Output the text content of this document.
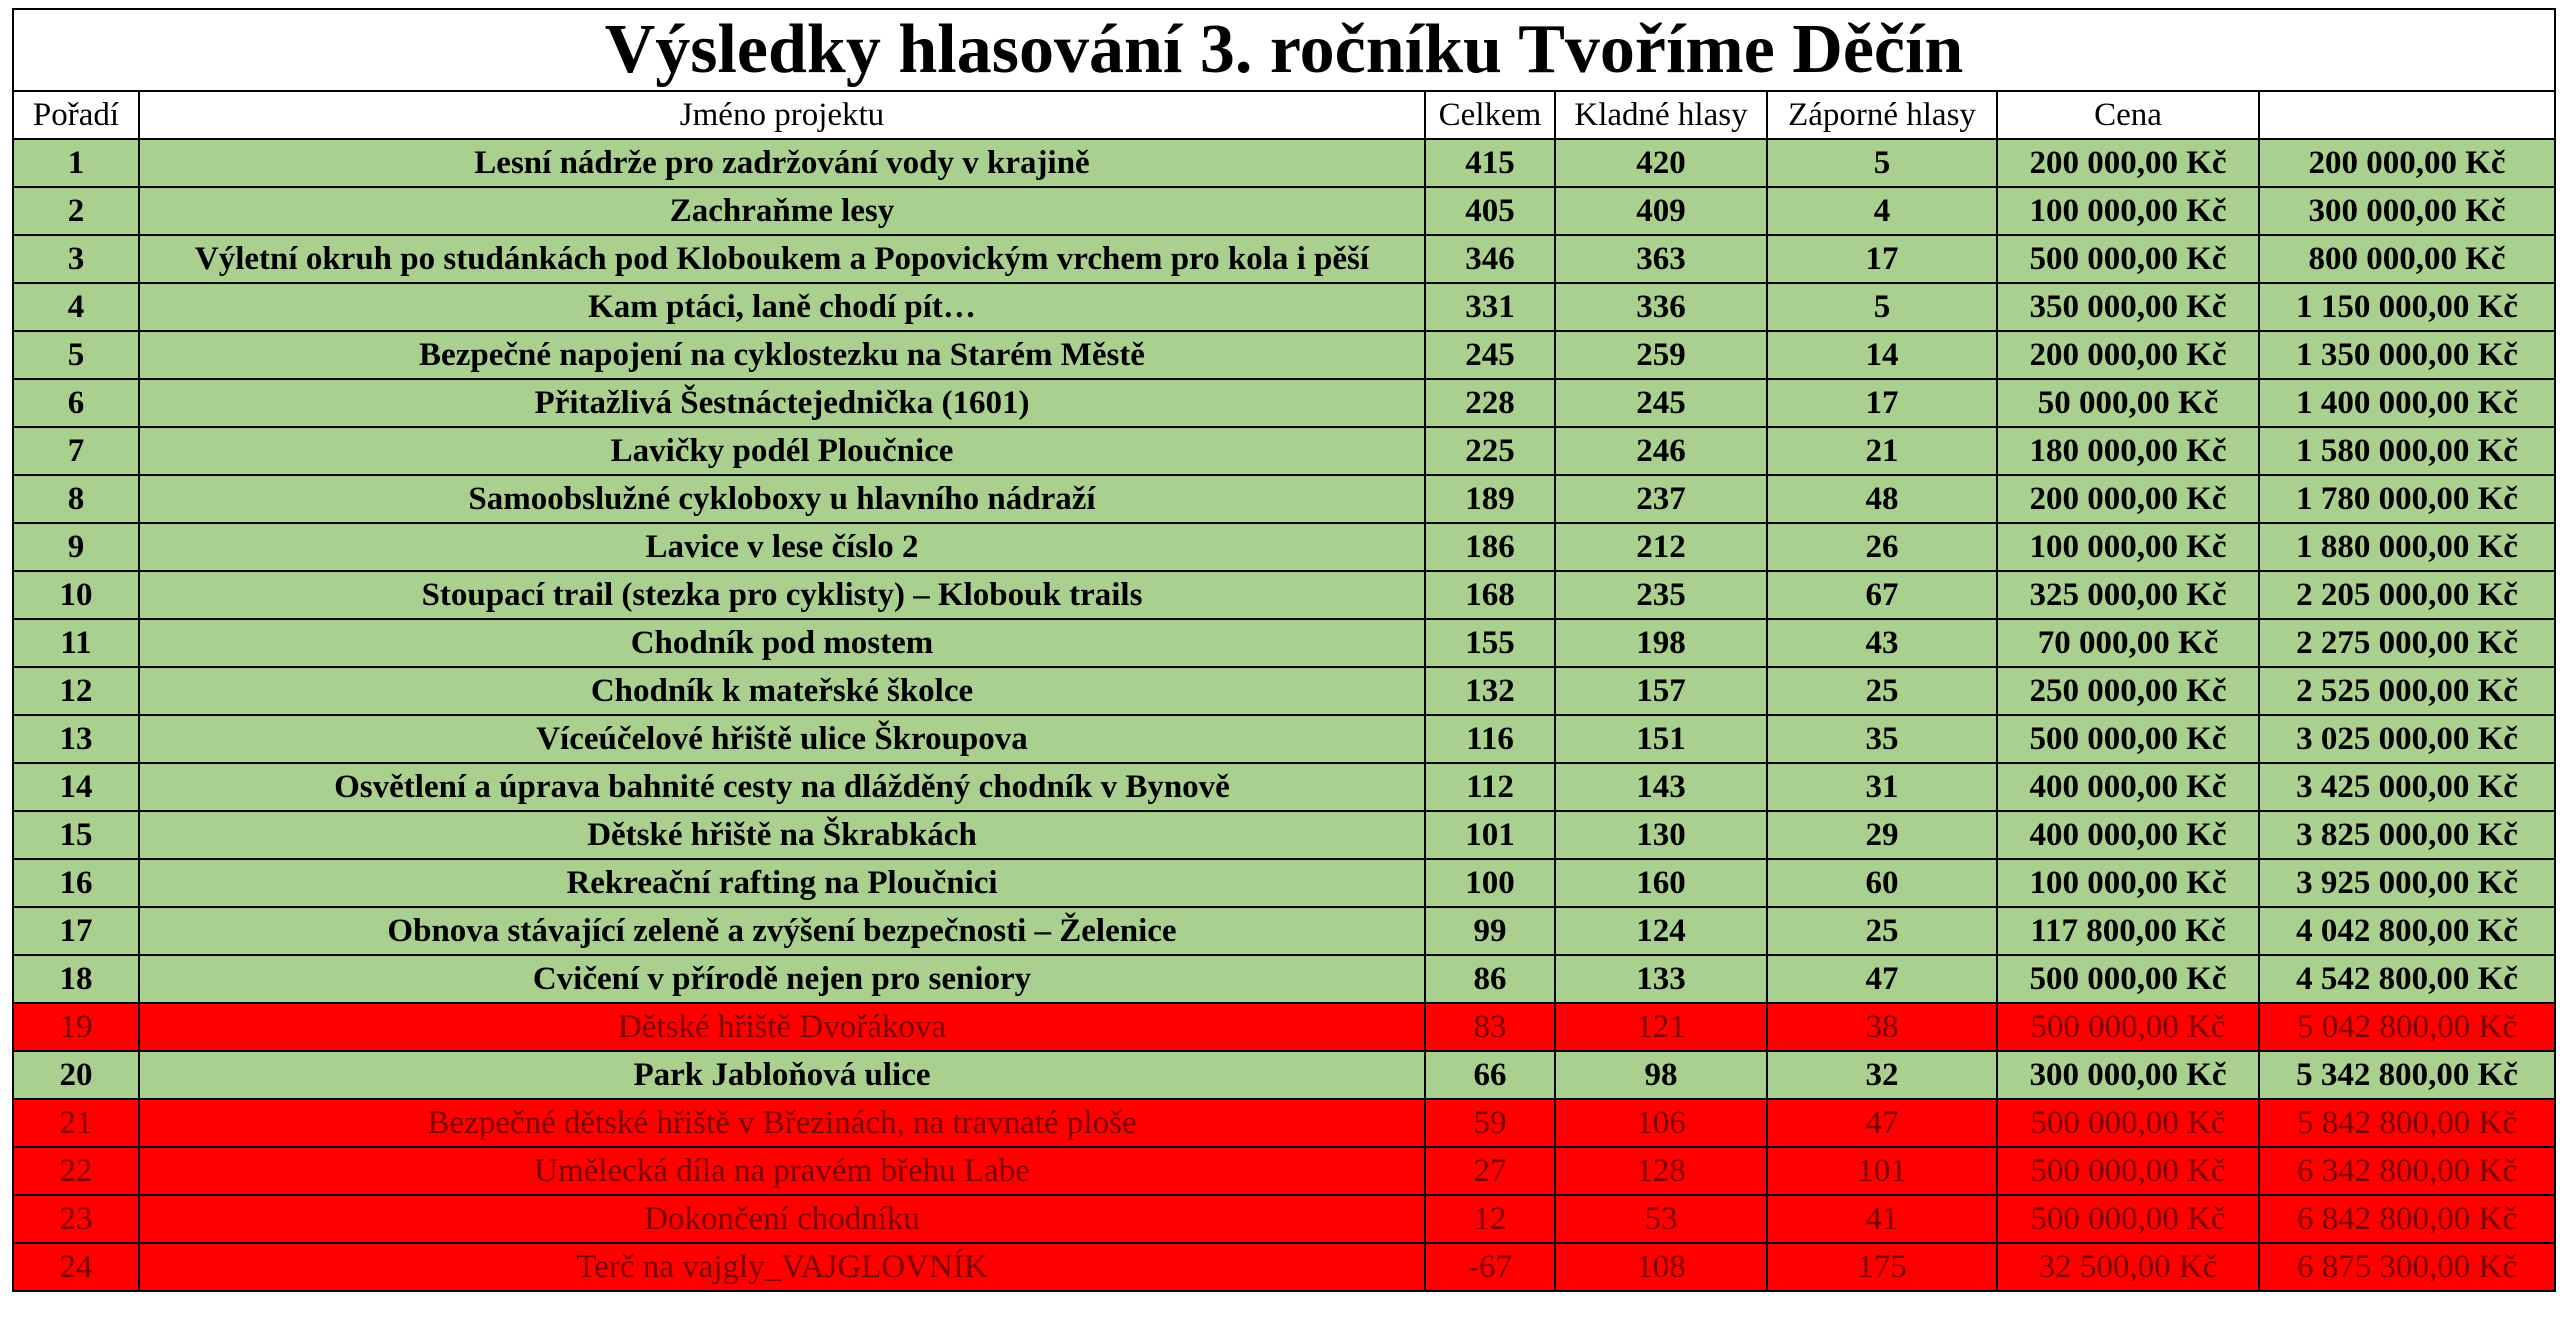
Výsledky hlasování 3. ročníku Tvoříme Děčín						
Pořadí	Jméno projektu	Celkem	Kladné hlasy	Záporné hlasy	Cena	
1	Lesní nádrže pro zadržování vody v krajině	415	420	5	200 000,00 Kč	200 000,00 Kč
2	Zachraňme lesy	405	409	4	100 000,00 Kč	300 000,00 Kč
3	Výletní okruh po studánkách pod Kloboukem a Popovickým vrchem pro kola i pěší	346	363	17	500 000,00 Kč	800 000,00 Kč
4	Kam ptáci, laně chodí pít…	331	336	5	350 000,00 Kč	1 150 000,00 Kč
5	Bezpečné napojení na cyklostezku na Starém Městě	245	259	14	200 000,00 Kč	1 350 000,00 Kč
6	Přitažlivá Šestnáctejednička (1601)	228	245	17	50 000,00 Kč	1 400 000,00 Kč
7	Lavičky podél Ploučnice	225	246	21	180 000,00 Kč	1 580 000,00 Kč
8	Samoobslužné cykloboxy u hlavního nádraží	189	237	48	200 000,00 Kč	1 780 000,00 Kč
9	Lavice v lese číslo 2	186	212	26	100 000,00 Kč	1 880 000,00 Kč
10	Stoupací trail (stezka pro cyklisty) – Klobouk trails	168	235	67	325 000,00 Kč	2 205 000,00 Kč
11	Chodník pod mostem	155	198	43	70 000,00 Kč	2 275 000,00 Kč
12	Chodník k mateřské školce	132	157	25	250 000,00 Kč	2 525 000,00 Kč
13	Víceúčelové hřiště ulice Škroupova	116	151	35	500 000,00 Kč	3 025 000,00 Kč
14	Osvětlení a úprava bahnité cesty na dlážděný chodník v Bynově	112	143	31	400 000,00 Kč	3 425 000,00 Kč
15	Dětské hřiště na Škrabkách	101	130	29	400 000,00 Kč	3 825 000,00 Kč
16	Rekreační rafting na Ploučnici	100	160	60	100 000,00 Kč	3 925 000,00 Kč
17	Obnova stávající zeleně a zvýšení bezpečnosti – Želenice	99	124	25	117 800,00 Kč	4 042 800,00 Kč
18	Cvičení v přírodě nejen pro seniory	86	133	47	500 000,00 Kč	4 542 800,00 Kč
19	Dětské hřiště Dvořákova	83	121	38	500 000,00 Kč	5 042 800,00 Kč
20	Park Jabloňová ulice	66	98	32	300 000,00 Kč	5 342 800,00 Kč
21	Bezpečné dětské hřiště v Březinách, na travnaté ploše	59	106	47	500 000,00 Kč	5 842 800,00 Kč
22	Umělecká díla na pravém břehu Labe	27	128	101	500 000,00 Kč	6 342 800,00 Kč
23	Dokončení chodníku	12	53	41	500 000,00 Kč	6 842 800,00 Kč
24	Terč na vajgly_VAJGLOVNÍK	-67	108	175	32 500,00 Kč	6 875 300,00 Kč
